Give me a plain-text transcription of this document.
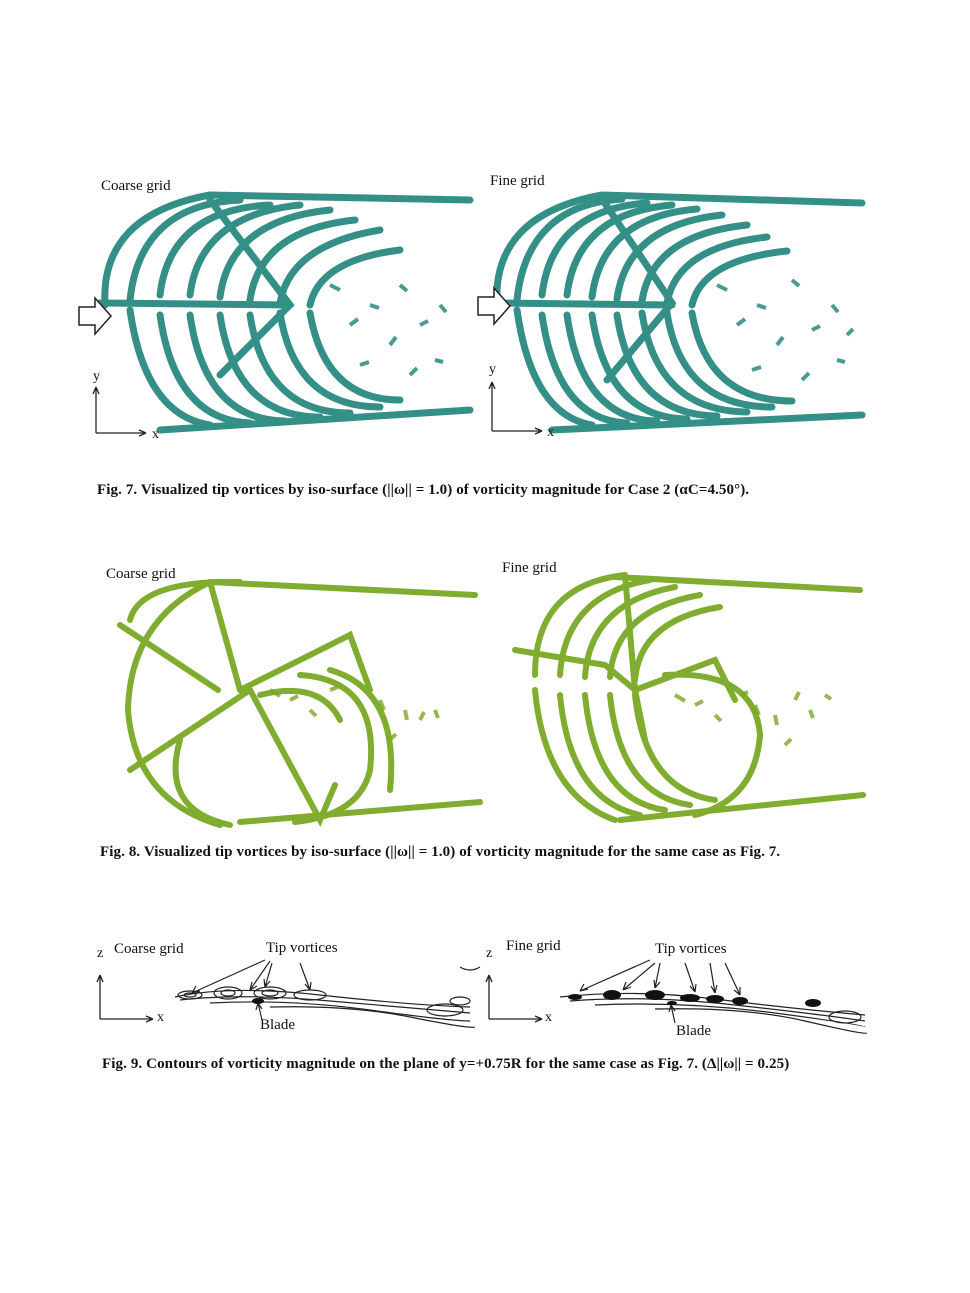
Coarse grid	Fine grid
y
x
y
x
Fig. 7. Visualized tip vortices by iso-surface (||ω|| = 1.0) of vorticity magnitude for Case 2 (αC=4.50°).
Coarse grid	Fine grid
Fig. 8. Visualized tip vortices by iso-surface (||ω|| = 1.0) of vorticity magnitude for the same case as Fig. 7.
z Coarse grid
x
Tip vortices
Blade
z Fine grid
x
Tip vortices
Blade
Fig. 9. Contours of vorticity magnitude on the plane of y=+0.75R for the same case as Fig. 7. (Δ||ω|| = 0.25)
